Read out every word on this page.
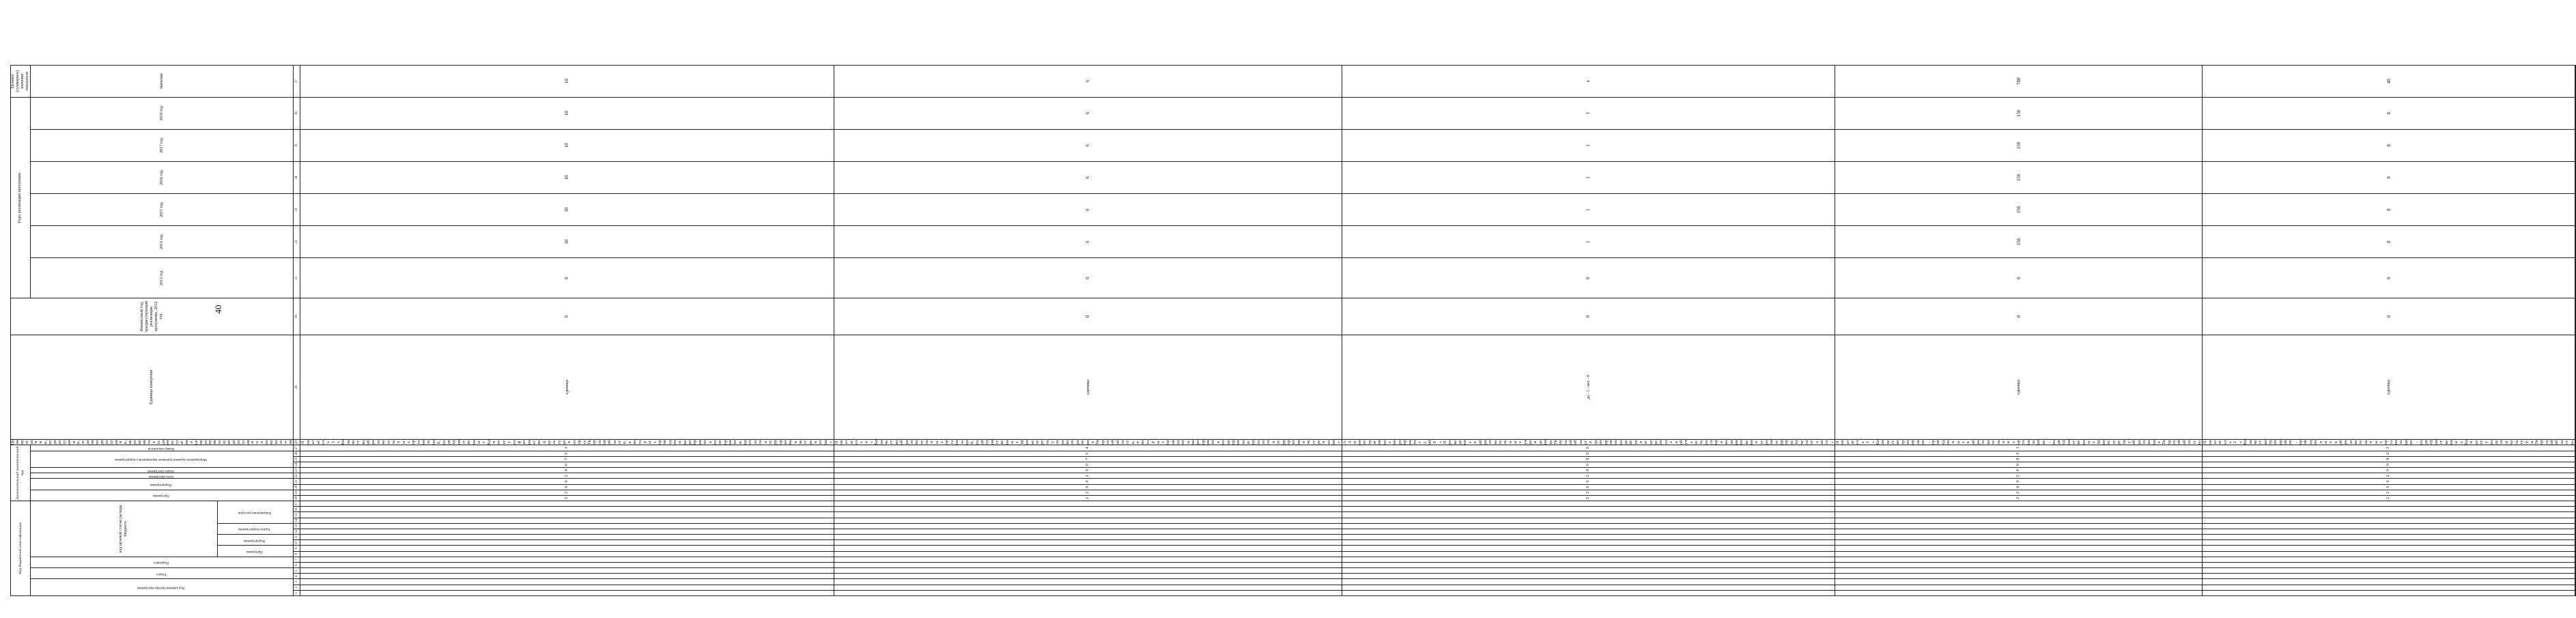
40
Код бюджетной классификации																	Дополнительный аналитический код										Цели программы, подпрограммы, задачи подпрограммы, мероприятия (административные мероприятия) подпрограммы и их показатели	Единица измерения	Финансовый год, предшествующий реализации программы, 2012 год	Годы реализации программы						Целевое (суммарное) значение показателя
Код администратора программы			Раздел		Подраздел		код целевой статьи расхода бюджета										Программа		Подпрограмма		Цель программы	Задача программы	Мероприятие (административное мероприятие) подпрограммы			Номер показателя				2013 год	2014 год	2015 год	2016 год	2017 год	2018 год	Значение
							Программа		Подпрограмма		Задача подпрограммы		Направление расходов																							
1	2	3	4	5	6	7	8	9	10	11	12	13	14	15	16	17	18	19	20	21	22	23	24	25	26	27	28	29	30	31	32	33	34	35	36	37
																	2	2	6	0	2	0	0	7	0	3	Показатель 3 «Количество образовательных организаций, подведомственных Комитету по физической культуре и спорту Тверской области, в которых проведены мероприятия по неприятию идеологии терроризма и экстремизма»	единица	0	0	10	10	10	10	10	10
																	2	2	6	0	2	0	0	7	0	4	Показатель 4 «Количество образовательных организаций, подведомственных Министерству здравоохранения Тверской области, в которых проведены мероприятия по неприятию идеологии терроризма и экстремизма»	единица	0	0	6	6	6	6	6	6
																	2	2	6	0	2	0	0	8	0	0	Административное мероприятие 2.008 «Проведение в образовательных учреждениях Тверской области тренировок по действию персонала и обучающихся при возникновении угрозы террористического акта»	да - 1 / нет - 0	0	0	1	1	1	1	1	х
																	2	2	6	0	2	0	0	8	0	1	Показатель 1 «Количество тренировок, проведенных в образовательных организациях, подведомственных Министерству образования Тверской области»	единица	0	0	156	156	156	156	156	780
																	2	2	6	0	2	0	0	8	0	2	Показатель 2 «Количество тренировок, проведенных в образовательных организациях, подведомственных Комитету по делам культуры Тверской области»	единица	0	0	8	8	8	8	8	40
